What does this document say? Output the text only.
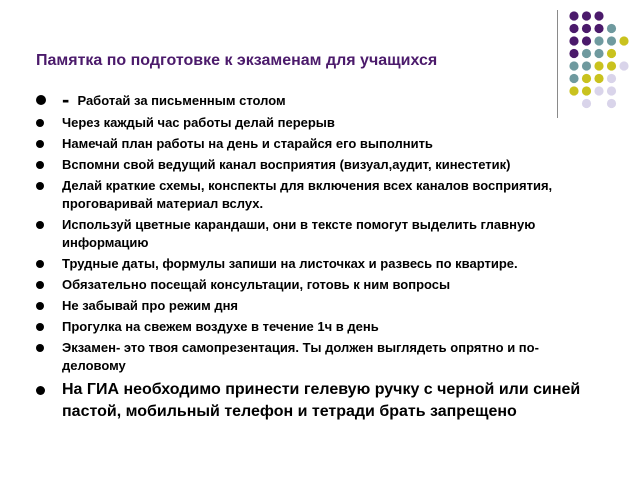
Памятка по подготовке к экзаменам для учащихся
- Работай за письменным столом
Через каждый час работы делай перерыв
Намечай план работы на день и старайся его выполнить
Вспомни свой ведущий канал восприятия (визуал,аудит, кинестетик)
Делай краткие схемы, конспекты для включения всех каналов восприятия, проговаривай материал вслух.
Используй цветные карандаши, они в тексте помогут выделить главную информацию
Трудные даты, формулы запиши на листочках и развесь по квартире.
Обязательно посещай консультации, готовь к ним вопросы
Не забывай про режим дня
Прогулка на свежем воздухе в течение 1ч в день
Экзамен- это твоя самопрезентация. Ты должен выглядеть опрятно и по- деловому
На ГИА необходимо принести гелевую ручку с черной или синей пастой, мобильный телефон и тетради брать запрещено
